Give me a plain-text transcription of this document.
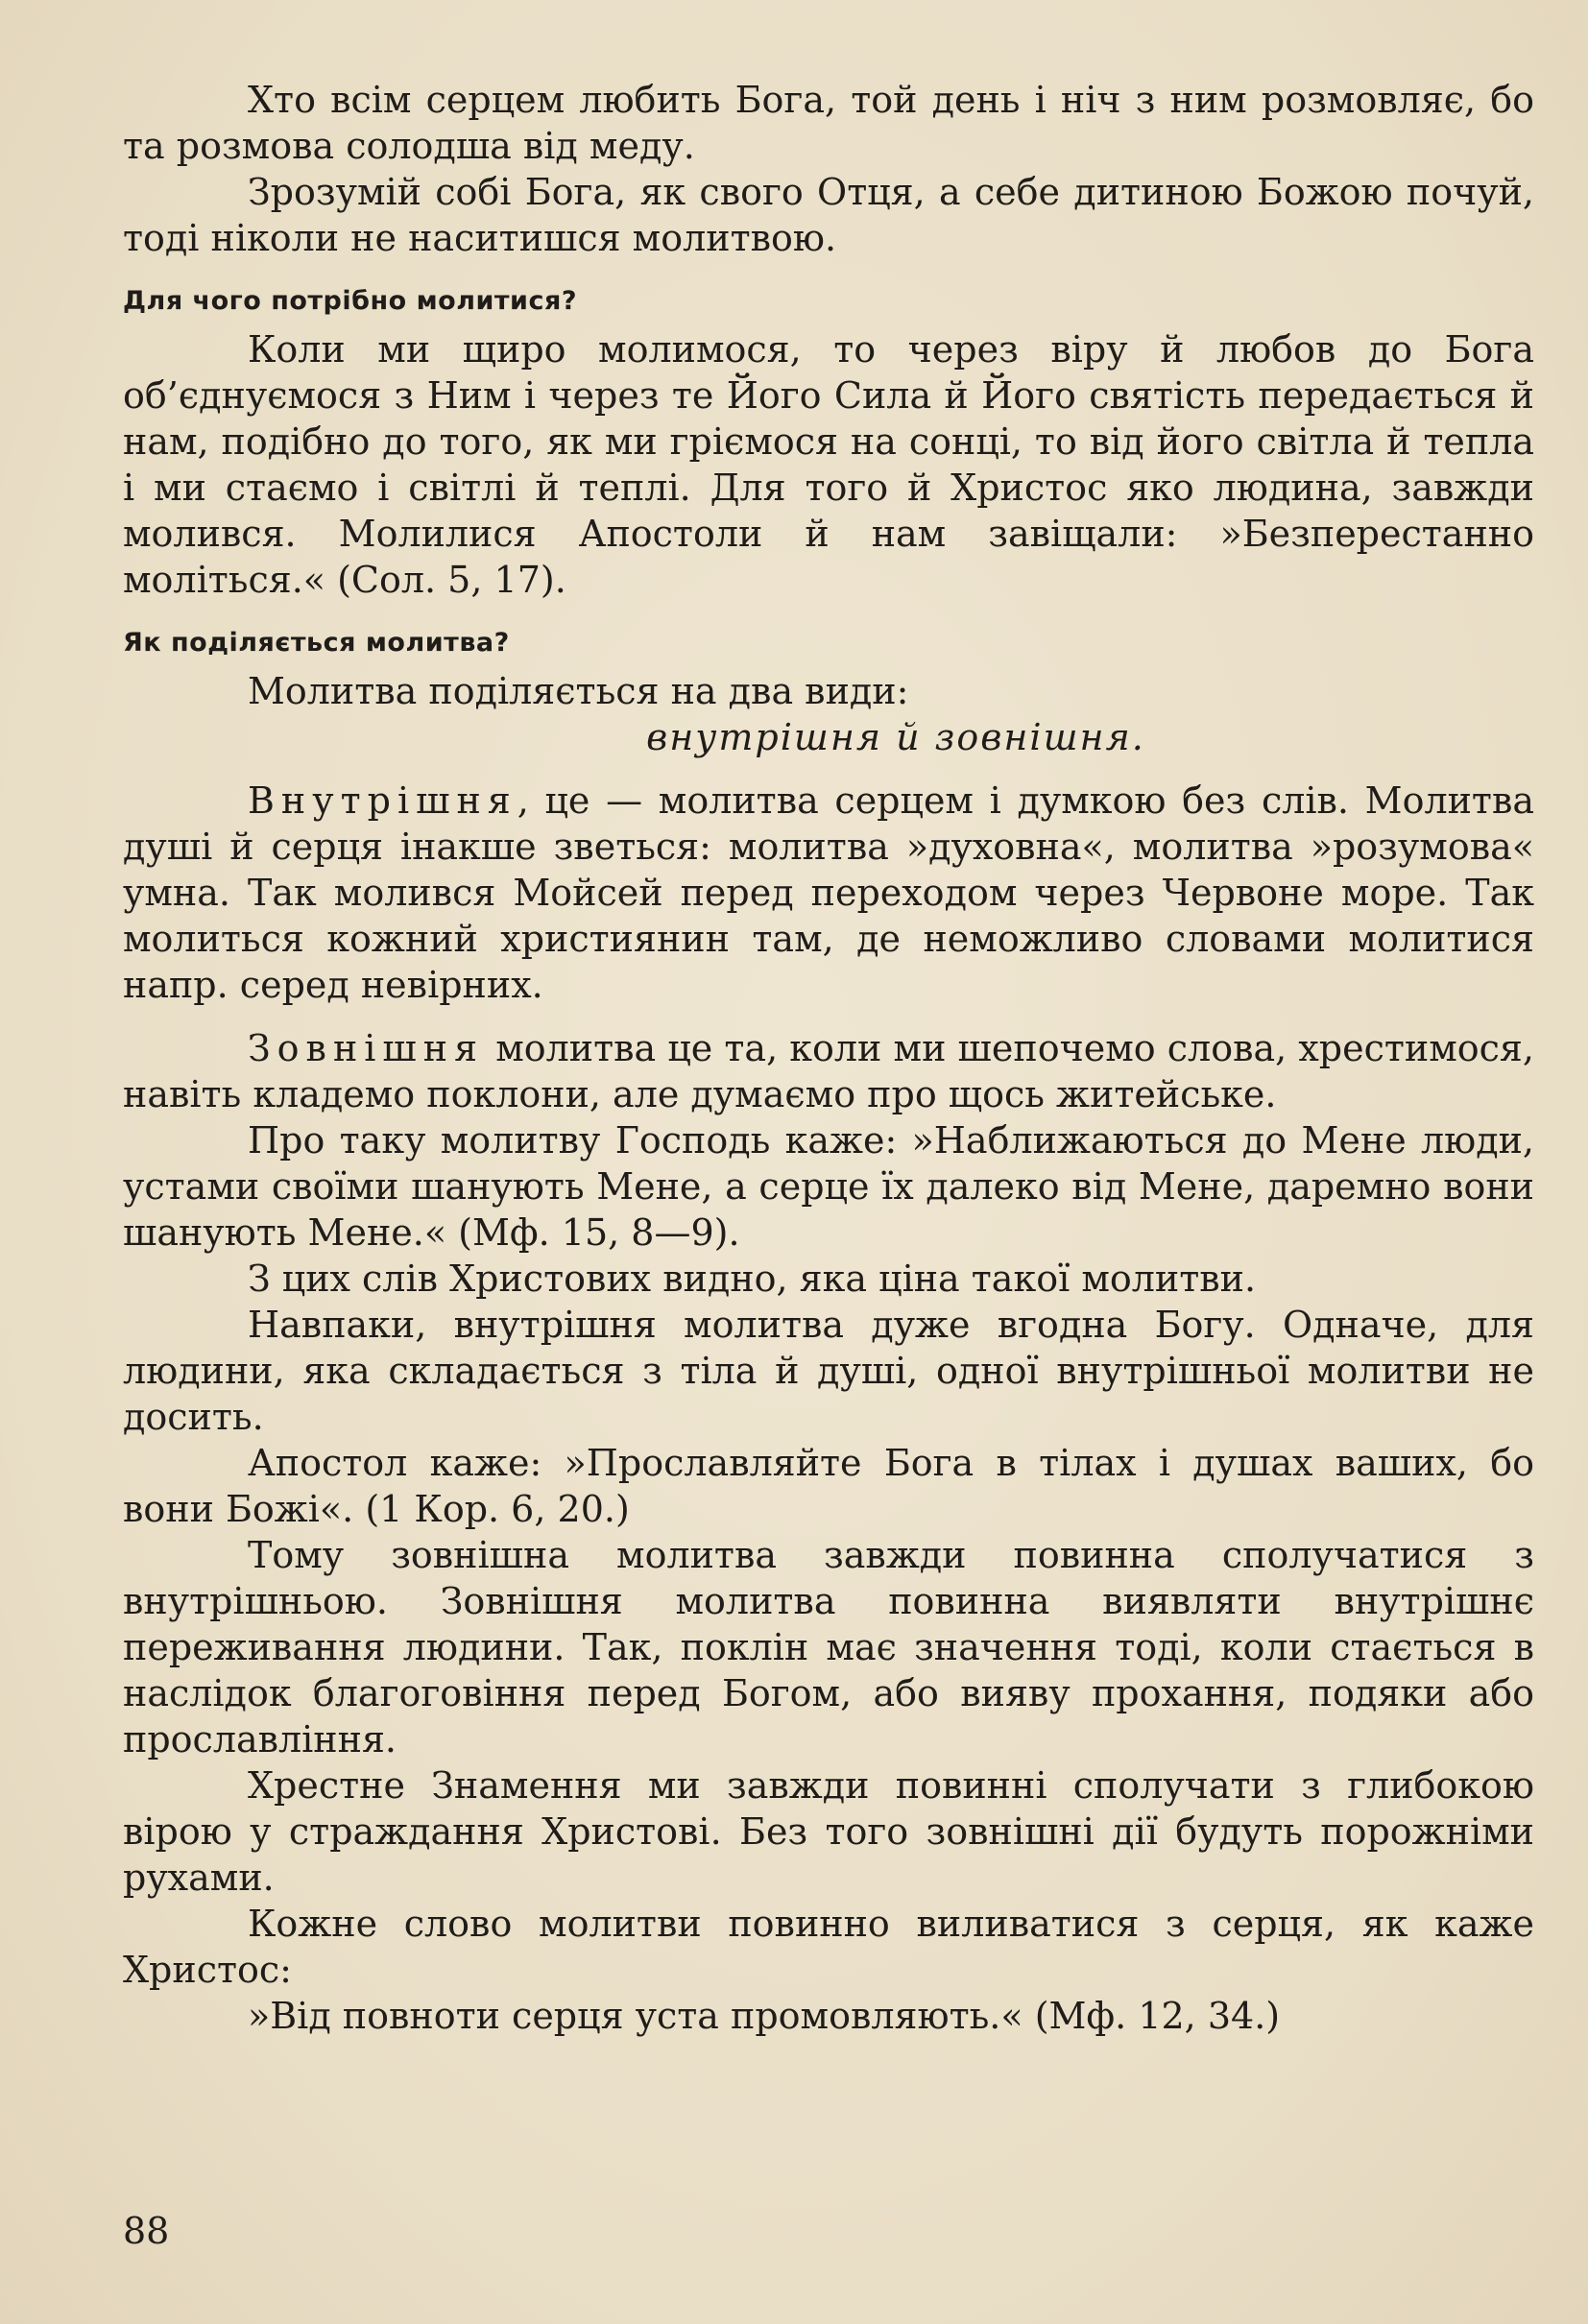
Хто всім серцем любить Бога, той день і ніч з ним розмовляє, бо та розмова солодша від меду.

Зрозумій собі Бога, як свого Отця, а себе дитиною Божою почуй, тоді ніколи не наситишся молитвою.

Для чого потрібно молитися?

Коли ми щиро молимося, то через віру й любов до Бога об’єднуємося з Ним і через те Його Сила й Його святість передається й нам, подібно до того, як ми гріємося на сонці, то від його світла й тепла і ми стаємо і світлі й теплі. Для того й Христос яко людина, завжди молився. Молилися Апостоли й нам завіщали: »Безперестанно моліться.« (Сол. 5, 17).

Як поділяється молитва?

Молитва поділяється на два види:

внутрішня й зовнішня.

Внутрішня, це — молитва серцем і думкою без слів. Молитва душі й серця інакше зветься: молитва »духовна«, молитва »розумова« умна. Так молився Мойсей перед переходом через Червоне море. Так молиться кожний християнин там, де неможливо словами молитися напр. серед невірних.

Зовнішня молитва це та, коли ми шепочемо слова, хрестимося, навіть кладемо поклони, але думаємо про щось житейське.

Про таку молитву Господь каже: »Наближаються до Мене люди, устами своїми шанують Мене, а серце їх далеко від Мене, даремно вони шанують Мене.« (Мф. 15, 8—9).

З цих слів Христових видно, яка ціна такої молитви.

Навпаки, внутрішня молитва дуже вгодна Богу. Одначе, для людини, яка складається з тіла й душі, одної внутрішньої молитви не досить.

Апостол каже: »Прославляйте Бога в тілах і душах ваших, бо вони Божі«. (1 Кор. 6, 20.)

Тому зовнішна молитва завжди повинна сполучатися з внутрішньою. Зовнішня молитва повинна виявляти внутрішнє переживання людини. Так, поклін має значення тоді, коли стається в наслідок благоговіння перед Богом, або вияву прохання, подяки або прославління.

Хрестне Знамення ми завжди повинні сполучати з глибокою вірою у страждання Христові. Без того зовнішні дії будуть порожніми рухами.

Кожне слово молитви повинно виливатися з серця, як каже Христос:

»Від повноти серця уста промовляють.« (Мф. 12, 34.)

88
